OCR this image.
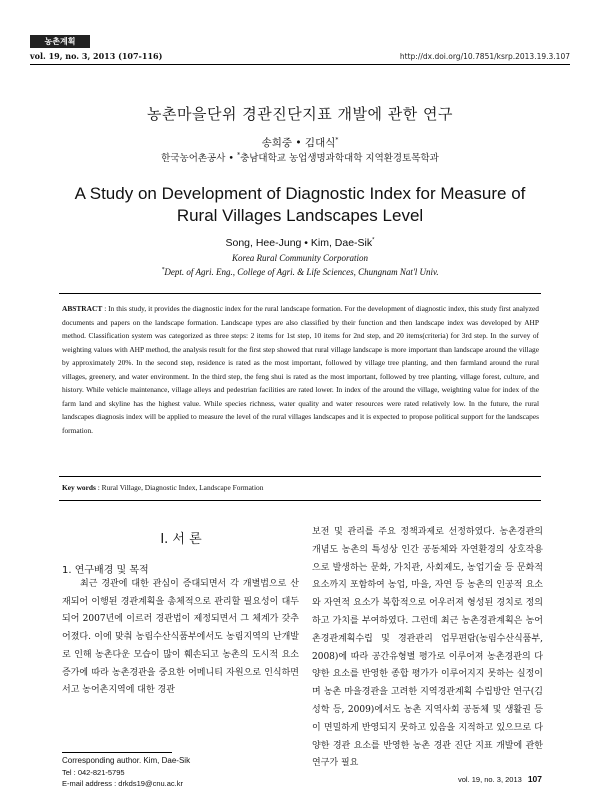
농촌계획
vol. 19, no. 3, 2013 (107-116)	http://dx.doi.org/10.7851/ksrp.2013.19.3.107
농촌마을단위 경관진단지표 개발에 관한 연구
송희중 • 김대식*
한국농어촌공사 • *충남대학교 농업생명과학대학 지역환경토목학과
A Study on Development of Diagnostic Index for Measure of Rural Villages Landscapes Level
Song, Hee-Jung • Kim, Dae-Sik*
Korea Rural Community Corporation
*Dept. of Agri. Eng., College of Agri. & Life Sciences, Chungnam Nat'l Univ.
ABSTRACT : In this study, it provides the diagnostic index for the rural landscape formation. For the development of diagnostic index, this study first analyzed documents and papers on the landscape formation. Landscape types are also classified by their function and then landscape index was developed by AHP method. Classification system was categorized as three steps: 2 items for 1st step, 10 items for 2nd step, and 20 items(criteria) for 3rd step. In the survey of weighting values with AHP method, the analysis result for the first step showed that rural village landscape is more important than landscape around the village by approximately 20%. In the second step, residence is rated as the most important, followed by village tree planting, and then farmland around the rural villages, greenery, and water environment. In the third step, the feng shui is rated as the most important, followed by tree planting, village forest, culture, and history. While vehicle maintenance, village alleys and pedestrian facilities are rated lower. In index of the around the village, weighting value for index of the farm land and skyline has the highest value. While species richness, water quality and water resources were rated relatively low. In the future, the rural landscapes diagnosis index will be applied to measure the level of the rural villages landscapes and it is expected to propose political support for the landscapes formation.
Key words : Rural Village, Diagnostic Index, Landscape Formation
I. 서 론
1. 연구배경 및 목적
최근 경관에 대한 관심이 증대되면서 각 개별법으로 산재되어 이행된 경관계획을 총체적으로 관리할 필요성이 대두되어 2007년에 이르러 경관법이 제정되면서 그 체계가 갖추어졌다. 이에 맞춰 농림수산식품부에서도 농림지역의 난개발로 인해 농촌다운 모습이 많이 훼손되고 농촌의 도시적 요소 증가에 따라 농촌경관을 중요한 어메니티 자원으로 인식하면서고 농어촌지역에 대한 경관
보전 및 관리를 주요 정책과제로 선정하였다. 농촌경관의 개념도 농촌의 특성상 인간 공동체와 자연환경의 상호작용으로 발생하는 문화, 가치관, 사회제도, 농업기술 등 문화적 요소까지 포함하여 농업, 마을, 자연 등 농촌의 인공적 요소와 자연적 요소가 복합적으로 어우러져 형성된 경치로 정의하고 가치를 부여하였다. 그런데 최근 농촌경관계획은 농어촌경관계획수립 및 경관관리 업무편람(농림수산식품부, 2008)에 따라 공간유형별 평가로 이루어져 농촌경관의 다양한 요소를 반영한 종합 평가가 이루어지지 못하는 실정이며 농촌 마을경관을 고려한 지역경관계획 수립방안 연구(김성학 등, 2009)에서도 농촌 지역사회 공동체 및 생활권 등이 면밀하게 반영되지 못하고 있음을 지적하고 있으므로 다양한 경관 요소를 반영한 농촌 경관 진단 지표 개발에 관한 연구가 필요
Corresponding author. Kim, Dae-Sik
Tel : 042-821-5795
E-mail address : drkds19@cnu.ac.kr	vol. 19, no. 3, 2013 107
